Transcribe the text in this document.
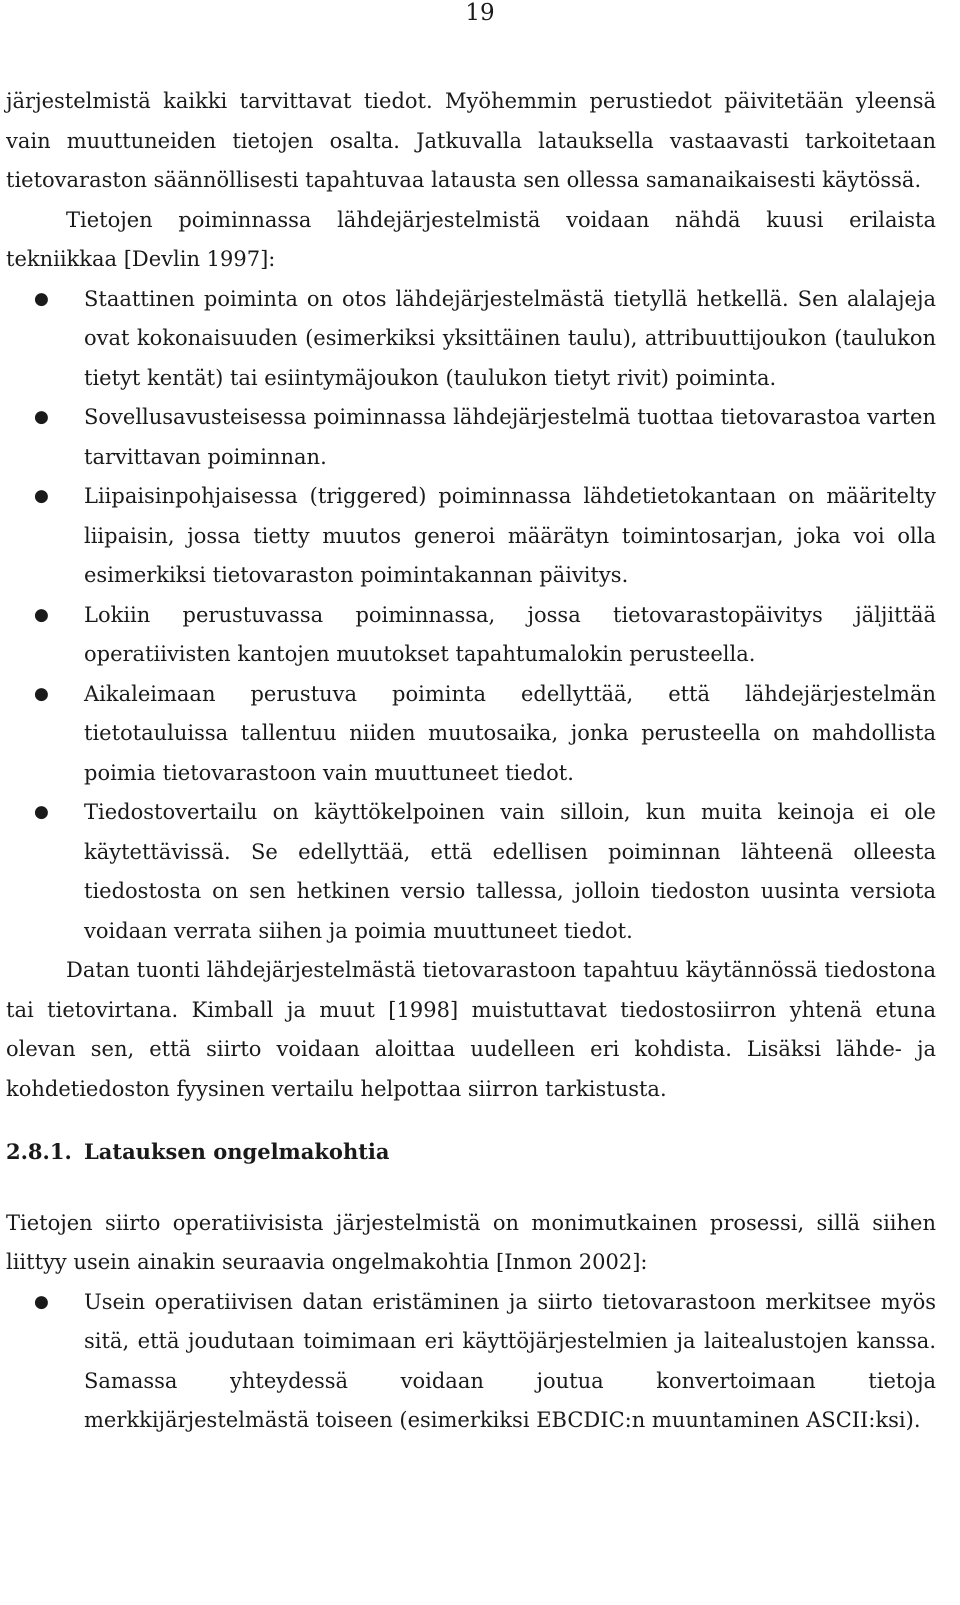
19

järjestelmistä kaikki tarvittavat tiedot. Myöhemmin perustiedot päivitetään yleensä vain muuttuneiden tietojen osalta. Jatkuvalla latauksella vastaavasti tarkoitetaan tietovaraston säännöllisesti tapahtuvaa latausta sen ollessa samanaikaisesti käytössä.

Tietojen poiminnassa lähdejärjestelmistä voidaan nähdä kuusi erilaista tekniikkaa [Devlin 1997]:

● Staattinen poiminta on otos lähdejärjestelmästä tietyllä hetkellä. Sen alalajeja ovat kokonaisuuden (esimerkiksi yksittäinen taulu), attribuuttijoukon (taulukon tietyt kentät) tai esiintymäjoukon (taulukon tietyt rivit) poiminta.
● Sovellusavusteisessa poiminnassa lähdejärjestelmä tuottaa tietovarastoa varten tarvittavan poiminnan.
● Liipaisinpohjaisessa (triggered) poiminnassa lähdetietokantaan on määritelty liipaisin, jossa tietty muutos generoi määrätyn toimintosarjan, joka voi olla esimerkiksi tietovaraston poimintakannan päivitys.
● Lokiin perustuvassa poiminnassa, jossa tietovarastopäivitys jäljittää operatiivisten kantojen muutokset tapahtumalokin perusteella.
● Aikaleimaan perustuva poiminta edellyttää, että lähdejärjestelmän tietotauluissa tallentuu niiden muutosaika, jonka perusteella on mahdollista poimia tietovarastoon vain muuttuneet tiedot.
● Tiedostovertailu on käyttökelpoinen vain silloin, kun muita keinoja ei ole käytettävissä. Se edellyttää, että edellisen poiminnan lähteenä olleesta tiedostosta on sen hetkinen versio tallessa, jolloin tiedoston uusinta versiota voidaan verrata siihen ja poimia muuttuneet tiedot.

Datan tuonti lähdejärjestelmästä tietovarastoon tapahtuu käytännössä tiedostona tai tietovirtana. Kimball ja muut [1998] muistuttavat tiedostosiirron yhtenä etuna olevan sen, että siirto voidaan aloittaa uudelleen eri kohdista. Lisäksi lähde- ja kohdetiedoston fyysinen vertailu helpottaa siirron tarkistusta.

2.8.1. Latauksen ongelmakohtia

Tietojen siirto operatiivisista järjestelmistä on monimutkainen prosessi, sillä siihen liittyy usein ainakin seuraavia ongelmakohtia [Inmon 2002]:

● Usein operatiivisen datan eristäminen ja siirto tietovarastoon merkitsee myös sitä, että joudutaan toimimaan eri käyttöjärjestelmien ja laitealustojen kanssa. Samassa yhteydessä voidaan joutua konvertoimaan tietoja merkkijärjestelmästä toiseen (esimerkiksi EBCDIC:n muuntaminen ASCII:ksi).
